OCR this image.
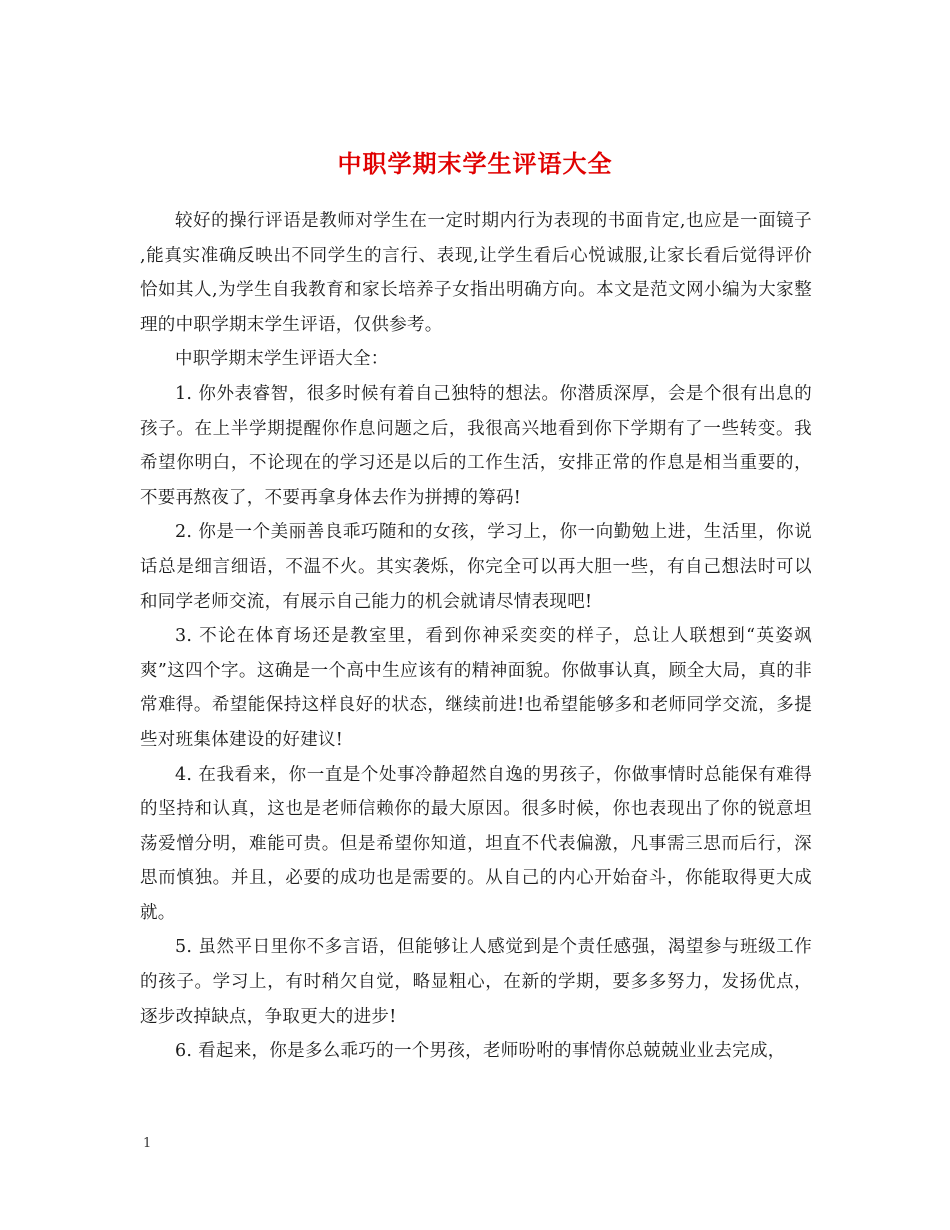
中职学期末学生评语大全

较好的操行评语是教师对学生在一定时期内行为表现的书面肯定,也应是一面镜子 ,能真实准确反映出不同学生的言行、表现,让学生看后心悦诚服,让家长看后觉得评价恰如其人,为学生自我教育和家长培养子女指出明确方向。本文是范文网小编为大家整理的中职学期末学生评语，仅供参考。

中职学期末学生评语大全：

1. 你外表睿智，很多时候有着自己独特的想法。你潜质深厚，会是个很有出息的孩子。在上半学期提醒你作息问题之后，我很高兴地看到你下学期有了一些转变。我希望你明白，不论现在的学习还是以后的工作生活，安排正常的作息是相当重要的，不要再熬夜了，不要再拿身体去作为拼搏的筹码!

2. 你是一个美丽善良乖巧随和的女孩，学习上，你一向勤勉上进，生活里，你说话总是细言细语，不温不火。其实袭烁，你完全可以再大胆一些，有自己想法时可以和同学老师交流，有展示自己能力的机会就请尽情表现吧!

3. 不论在体育场还是教室里，看到你神采奕奕的样子，总让人联想到“英姿飒爽”这四个字。这确是一个高中生应该有的精神面貌。你做事认真，顾全大局，真的非常难得。希望能保持这样良好的状态，继续前进!也希望能够多和老师同学交流，多提些对班集体建设的好建议!

4. 在我看来，你一直是个处事冷静超然自逸的男孩子，你做事情时总能保有难得的坚持和认真，这也是老师信赖你的最大原因。很多时候，你也表现出了你的锐意坦荡爱憎分明，难能可贵。但是希望你知道，坦直不代表偏激，凡事需三思而后行，深思而慎独。并且，必要的成功也是需要的。从自己的内心开始奋斗，你能取得更大成就。

5. 虽然平日里你不多言语，但能够让人感觉到是个责任感强，渴望参与班级工作的孩子。学习上，有时稍欠自觉，略显粗心，在新的学期，要多多努力，发扬优点，逐步改掉缺点，争取更大的进步!

6. 看起来，你是多么乖巧的一个男孩，老师吩咐的事情你总兢兢业业去完成，

1
